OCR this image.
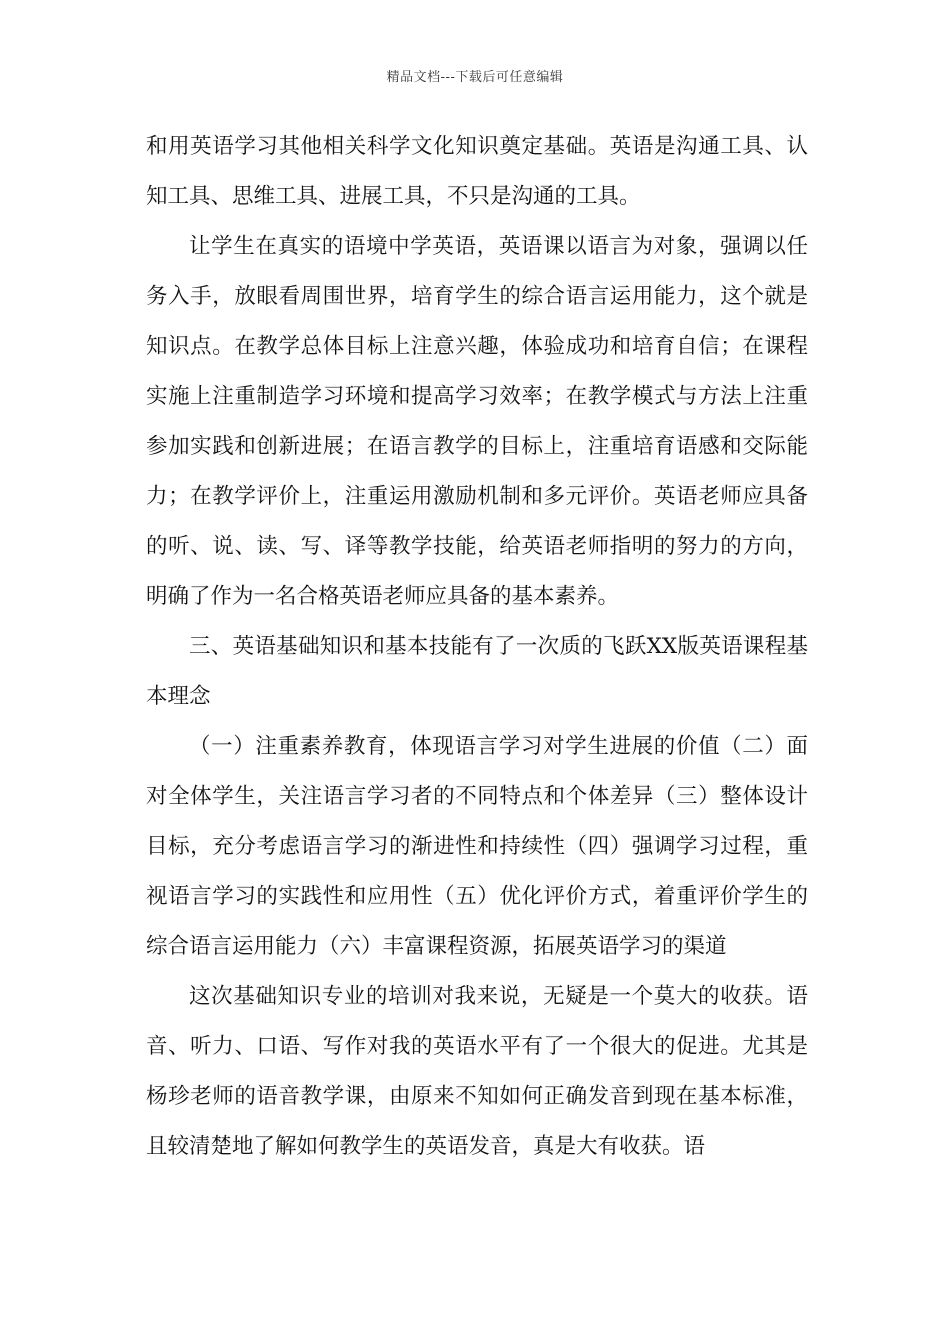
精品文档---下载后可任意编辑

和用英语学习其他相关科学文化知识奠定基础。英语是沟通工具、认知工具、思维工具、进展工具，不只是沟通的工具。

让学生在真实的语境中学英语，英语课以语言为对象，强调以任务入手，放眼看周围世界，培育学生的综合语言运用能力，这个就是知识点。在教学总体目标上注意兴趣，体验成功和培育自信；在课程实施上注重制造学习环境和提高学习效率；在教学模式与方法上注重参加实践和创新进展；在语言教学的目标上，注重培育语感和交际能力；在教学评价上，注重运用激励机制和多元评价。英语老师应具备的听、说、读、写、译等教学技能，给英语老师指明的努力的方向，明确了作为一名合格英语老师应具备的基本素养。

三、英语基础知识和基本技能有了一次质的飞跃XX版英语课程基本理念

（一）注重素养教育，体现语言学习对学生进展的价值（二）面对全体学生，关注语言学习者的不同特点和个体差异（三）整体设计目标，充分考虑语言学习的渐进性和持续性（四）强调学习过程，重视语言学习的实践性和应用性（五）优化评价方式，着重评价学生的综合语言运用能力（六）丰富课程资源，拓展英语学习的渠道

这次基础知识专业的培训对我来说，无疑是一个莫大的收获。语音、听力、口语、写作对我的英语水平有了一个很大的促进。尤其是杨珍老师的语音教学课，由原来不知如何正确发音到现在基本标准，且较清楚地了解如何教学生的英语发音，真是大有收获。语
